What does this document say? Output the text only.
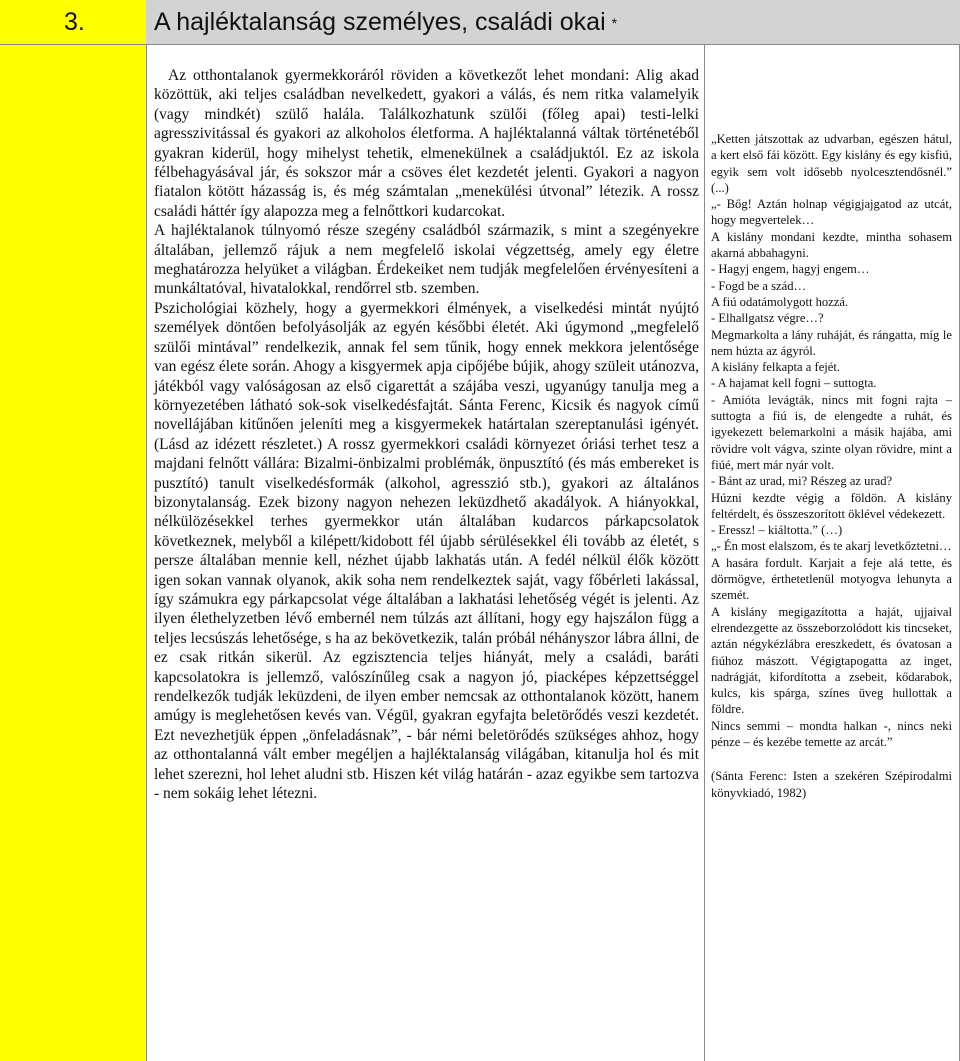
3.	A hajléktalanság személyes, családi okai *

Az otthontalanok gyermekkoráról röviden a következőt lehet mondani: Alig akad közöttük, aki teljes családban nevelkedett, gyakori a válás, és nem ritka valamelyik (vagy mindkét) szülő halála. Találkozhatunk szülői (főleg apai) testi-lelki agresszivitással és gyakori az alkoholos életforma. A hajléktalanná váltak történetéből gyakran kiderül, hogy mihelyst tehetik, elmenekülnek a családjuktól. Ez az iskola félbehagyásával jár, és sokszor már a csöves élet kezdetét jelenti. Gyakori a nagyon fiatalon kötött házasság is, és még számtalan „menekülési útvonal” létezik. A rossz családi háttér így alapozza meg a felnőttkori kudarcokat.

A hajléktalanok túlnyomó része szegény családból származik, s mint a szegényekre általában, jellemző rájuk a nem megfelelő iskolai végzettség, amely egy életre meghatározza helyüket a világban. Érdekeiket nem tudják megfelelően érvényesíteni a munkáltatóval, hivatalokkal, rendőrrel stb. szemben.

Pszichológiai közhely, hogy a gyermekkori élmények, a viselkedési mintát nyújtó személyek döntően befolyásolják az egyén későbbi életét. Aki úgymond „megfelelő szülői mintával” rendelkezik, annak fel sem tűnik, hogy ennek mekkora jelentősége van egész élete során. Ahogy a kisgyermek apja cipőjébe bújik, ahogy szüleit utánozva, játékból vagy valóságosan az első cigarettát a szájába veszi, ugyanúgy tanulja meg a környezetében látható sok-sok viselkedésfajtát. Sánta Ferenc, Kicsik és nagyok című novellájában kitűnően jeleníti meg a kisgyermekek határtalan szereptanulási igényét. (Lásd az idézett részletet.) A rossz gyermekkori családi környezet óriási terhet tesz a majdani felnőtt vállára: Bizalmi-önbizalmi problémák, önpusztító (és más embereket is pusztító) tanult viselkedésformák (alkohol, agresszió stb.), gyakori az általános bizonytalanság. Ezek bizony nagyon nehezen leküzdhető akadályok. A hiányokkal, nélkülözésekkel terhes gyermekkor után általában kudarcos párkapcsolatok következnek, melyből a kilépett/kidobott fél újabb sérülésekkel éli tovább az életét, s persze általában mennie kell, nézhet újabb lakhatás után. A fedél nélkül élők között igen sokan vannak olyanok, akik soha nem rendelkeztek saját, vagy főbérleti lakással, így számukra egy párkapcsolat vége általában a lakhatási lehetőség végét is jelenti. Az ilyen élethelyzetben lévő embernél nem túlzás azt állítani, hogy egy hajszálon függ a teljes lecsúszás lehetősége, s ha az bekövetkezik, talán próbál néhányszor lábra állni, de ez csak ritkán sikerül. Az egzisztencia teljes hiányát, mely a családi, baráti kapcsolatokra is jellemző, valószínűleg csak a nagyon jó, piacképes képzettséggel rendelkezők tudják leküzdeni, de ilyen ember nemcsak az otthontalanok között, hanem amúgy is meglehetősen kevés van. Végül, gyakran egyfajta beletörődés veszi kezdetét. Ezt nevezhetjük éppen „önfeladásnak”, - bár némi beletörődés szükséges ahhoz, hogy az otthontalanná vált ember megéljen a hajléktalanság világában, kitanulja hol és mit lehet szerezni, hol lehet aludni stb. Hiszen két világ határán - azaz egyikbe sem tartozva - nem sokáig lehet létezni.

„Ketten játszottak az udvarban, egészen hátul, a kert első fái között. Egy kislány és egy kisfiú, egyik sem volt idősebb nyolcesztendősnél.” (...)

„- Bőg! Aztán holnap végigjajgatod az utcát, hogy megvertelek…

A kislány mondani kezdte, mintha sohasem akarná abbahagyni.

- Hagyj engem, hagyj engem…

- Fogd be a szád…

A fiú odatámolygott hozzá.

- Elhallgatsz végre…?

Megmarkolta a lány ruháját, és rángatta, míg le nem húzta az ágyról.

A kislány felkapta a fejét.

- A hajamat kell fogni – suttogta.

- Amióta levágták, nincs mit fogni rajta – suttogta a fiú is, de elengedte a ruhát, és igyekezett belemarkolni a másik hajába, ami rövidre volt vágva, szinte olyan rövidre, mint a fiúé, mert már nyár volt.

- Bánt az urad, mi? Részeg az urad?

Húzni kezdte végig a földön. A kislány feltérdelt, és összeszorított öklével védekezett.

- Eressz! – kiáltotta.” (…)

„- Én most elalszom, és te akarj levetkőztetni…

A hasára fordult. Karjait a feje alá tette, és dörmögve, érthetetlenül motyogva lehunyta a szemét.

A kislány megigazította a haját, ujjaival elrendezgette az összeborzolódott kis tincseket, aztán négykézlábra ereszkedett, és óvatosan a fiúhoz mászott. Végigtapogatta az inget, nadrágját, kifordította a zsebeit, kődarabok, kulcs, kis spárga, színes üveg hullottak a földre.

Nincs semmi – mondta halkan -, nincs neki pénze – és kezébe temette az arcát.”

(Sánta Ferenc: Isten a szekéren Szépirodalmi könyvkiadó, 1982)
